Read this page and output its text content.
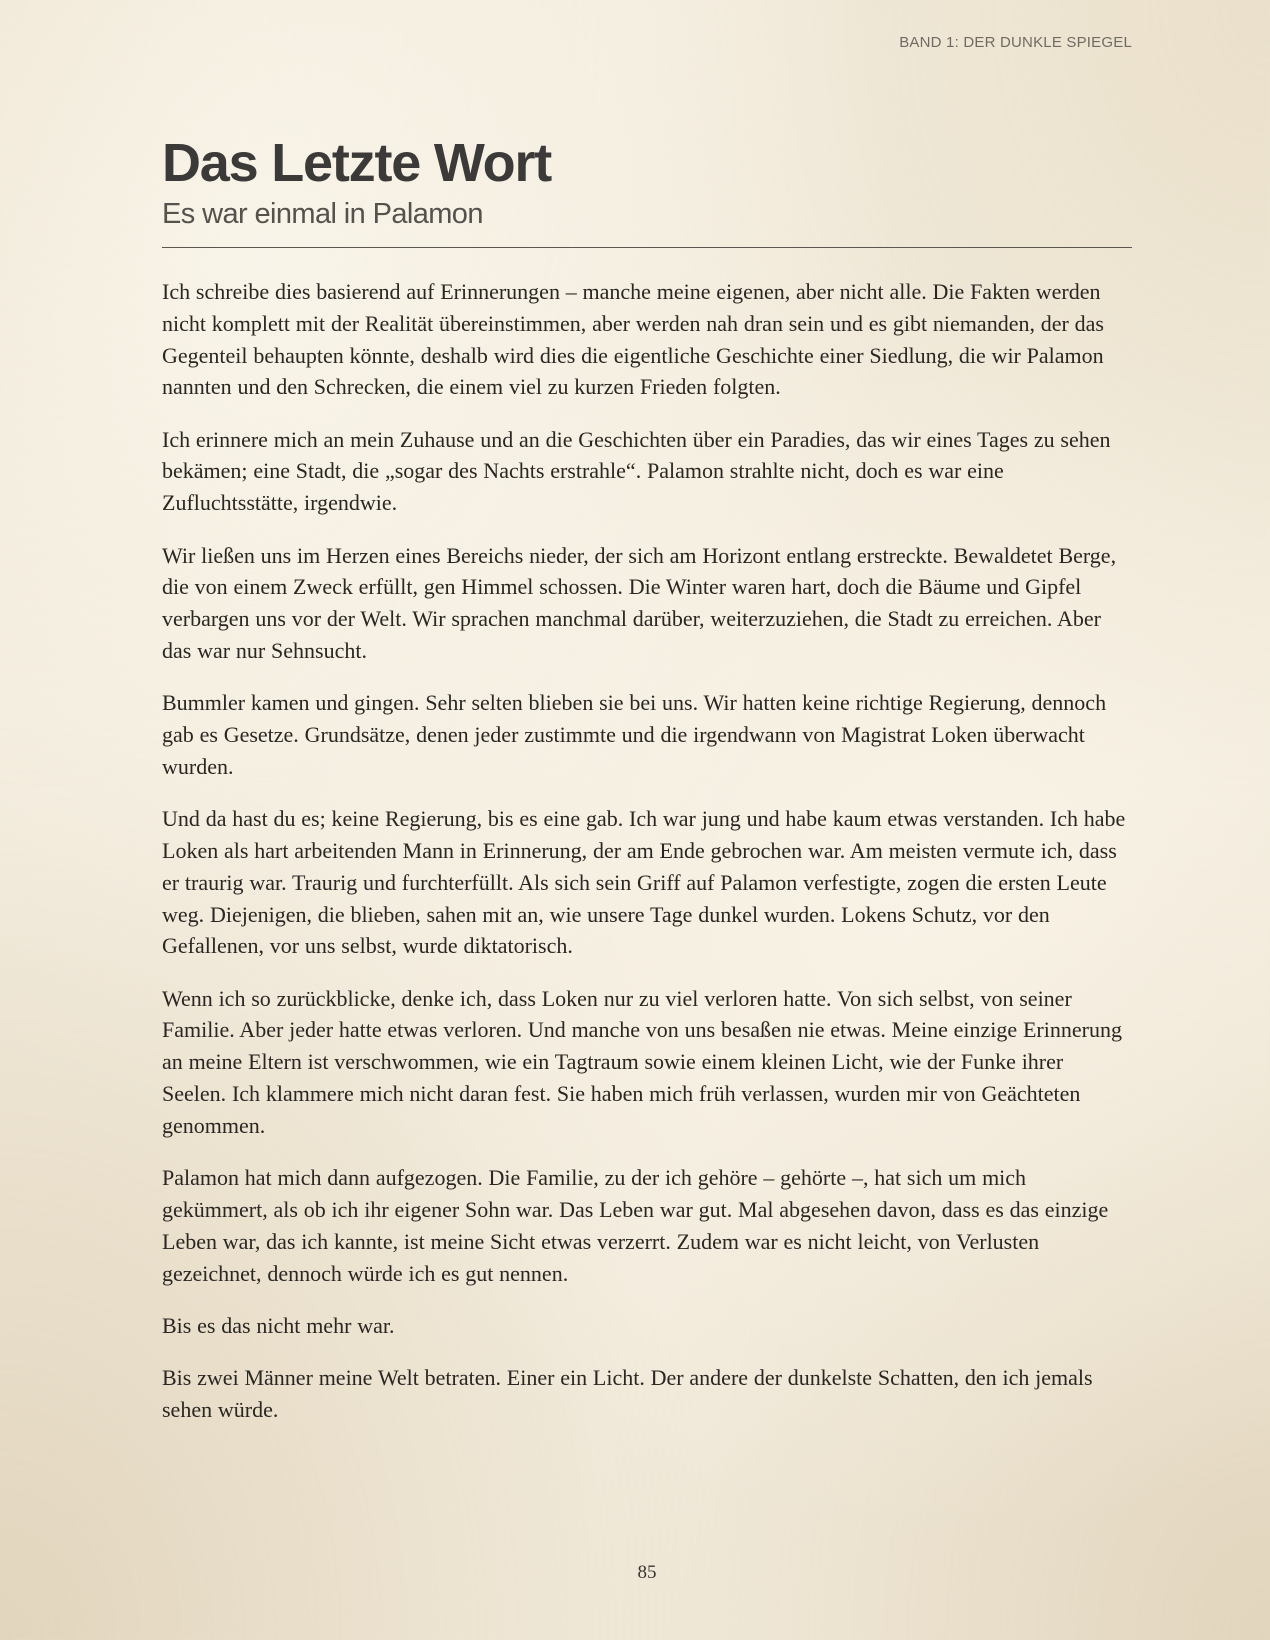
BAND 1: DER DUNKLE SPIEGEL
Das Letzte Wort
Es war einmal in Palamon

Ich schreibe dies basierend auf Erinnerungen – manche meine eigenen, aber nicht alle. Die Fakten werden nicht komplett mit der Realität übereinstimmen, aber werden nah dran sein und es gibt niemanden, der das Gegenteil behaupten könnte, deshalb wird dies die eigentliche Geschichte einer Siedlung, die wir Palamon nannten und den Schrecken, die einem viel zu kurzen Frieden folgten.

Ich erinnere mich an mein Zuhause und an die Geschichten über ein Paradies, das wir eines Tages zu sehen bekämen; eine Stadt, die „sogar des Nachts erstrahle“. Palamon strahlte nicht, doch es war eine Zufluchtsstätte, irgendwie.

Wir ließen uns im Herzen eines Bereichs nieder, der sich am Horizont entlang erstreckte. Bewaldetet Berge, die von einem Zweck erfüllt, gen Himmel schossen. Die Winter waren hart, doch die Bäume und Gipfel verbargen uns vor der Welt. Wir sprachen manchmal darüber, weiterzuziehen, die Stadt zu erreichen. Aber das war nur Sehnsucht.

Bummler kamen und gingen. Sehr selten blieben sie bei uns. Wir hatten keine richtige Regierung, dennoch gab es Gesetze. Grundsätze, denen jeder zustimmte und die irgendwann von Magistrat Loken überwacht wurden.

Und da hast du es; keine Regierung, bis es eine gab. Ich war jung und habe kaum etwas verstanden. Ich habe Loken als hart arbeitenden Mann in Erinnerung, der am Ende gebrochen war. Am meisten vermute ich, dass er traurig war. Traurig und furchterfüllt. Als sich sein Griff auf Palamon verfestigte, zogen die ersten Leute weg. Diejenigen, die blieben, sahen mit an, wie unsere Tage dunkel wurden. Lokens Schutz, vor den Gefallenen, vor uns selbst, wurde diktatorisch.

Wenn ich so zurückblicke, denke ich, dass Loken nur zu viel verloren hatte. Von sich selbst, von seiner Familie. Aber jeder hatte etwas verloren. Und manche von uns besaßen nie etwas. Meine einzige Erinnerung an meine Eltern ist verschwommen, wie ein Tagtraum sowie einem kleinen Licht, wie der Funke ihrer Seelen. Ich klammere mich nicht daran fest. Sie haben mich früh verlassen, wurden mir von Geächteten genommen.

Palamon hat mich dann aufgezogen. Die Familie, zu der ich gehöre – gehörte –, hat sich um mich gekümmert, als ob ich ihr eigener Sohn war. Das Leben war gut. Mal abgesehen davon, dass es das einzige Leben war, das ich kannte, ist meine Sicht etwas verzerrt. Zudem war es nicht leicht, von Verlusten gezeichnet, dennoch würde ich es gut nennen.

Bis es das nicht mehr war.

Bis zwei Männer meine Welt betraten. Einer ein Licht. Der andere der dunkelste Schatten, den ich jemals sehen würde.

85
